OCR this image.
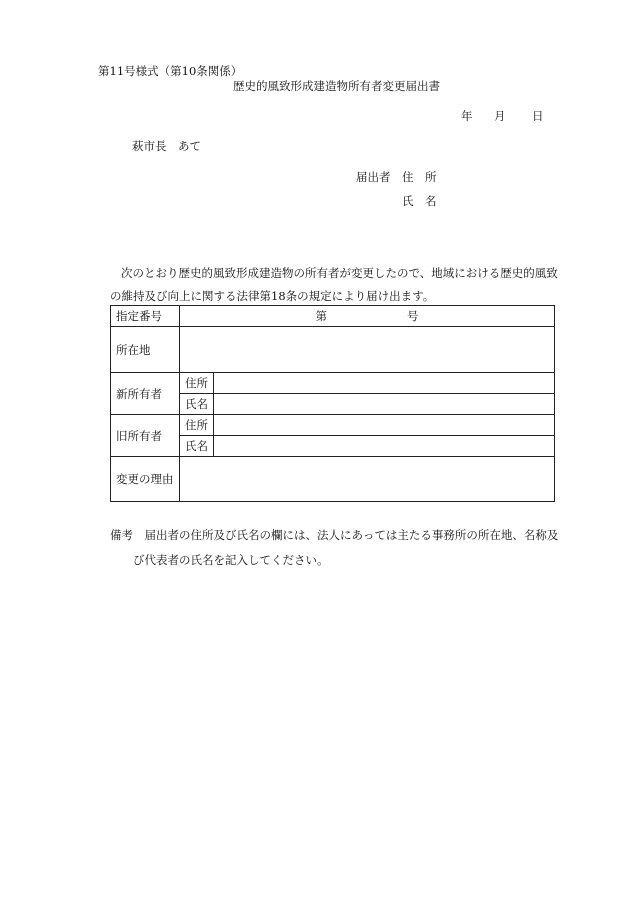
第11号様式（第10条関係）
歴史的風致形成建造物所有者変更届出書
年 月 日
萩市長　あて
届出者 住　所
氏　名

次のとおり歴史的風致形成建造物の所有者が変更したので、地域における歴史的風致

の維持及び向上に関する法律第18条の規定により届け出ます。

指定番号	第 号	
所在地		
新所有者	住所	
	氏名	
旧所有者	住所	
	氏名	
変更の理由		

備考　届出者の住所及び氏名の欄には、法人にあっては主たる事務所の所在地、名称及

び代表者の氏名を記入してください。
